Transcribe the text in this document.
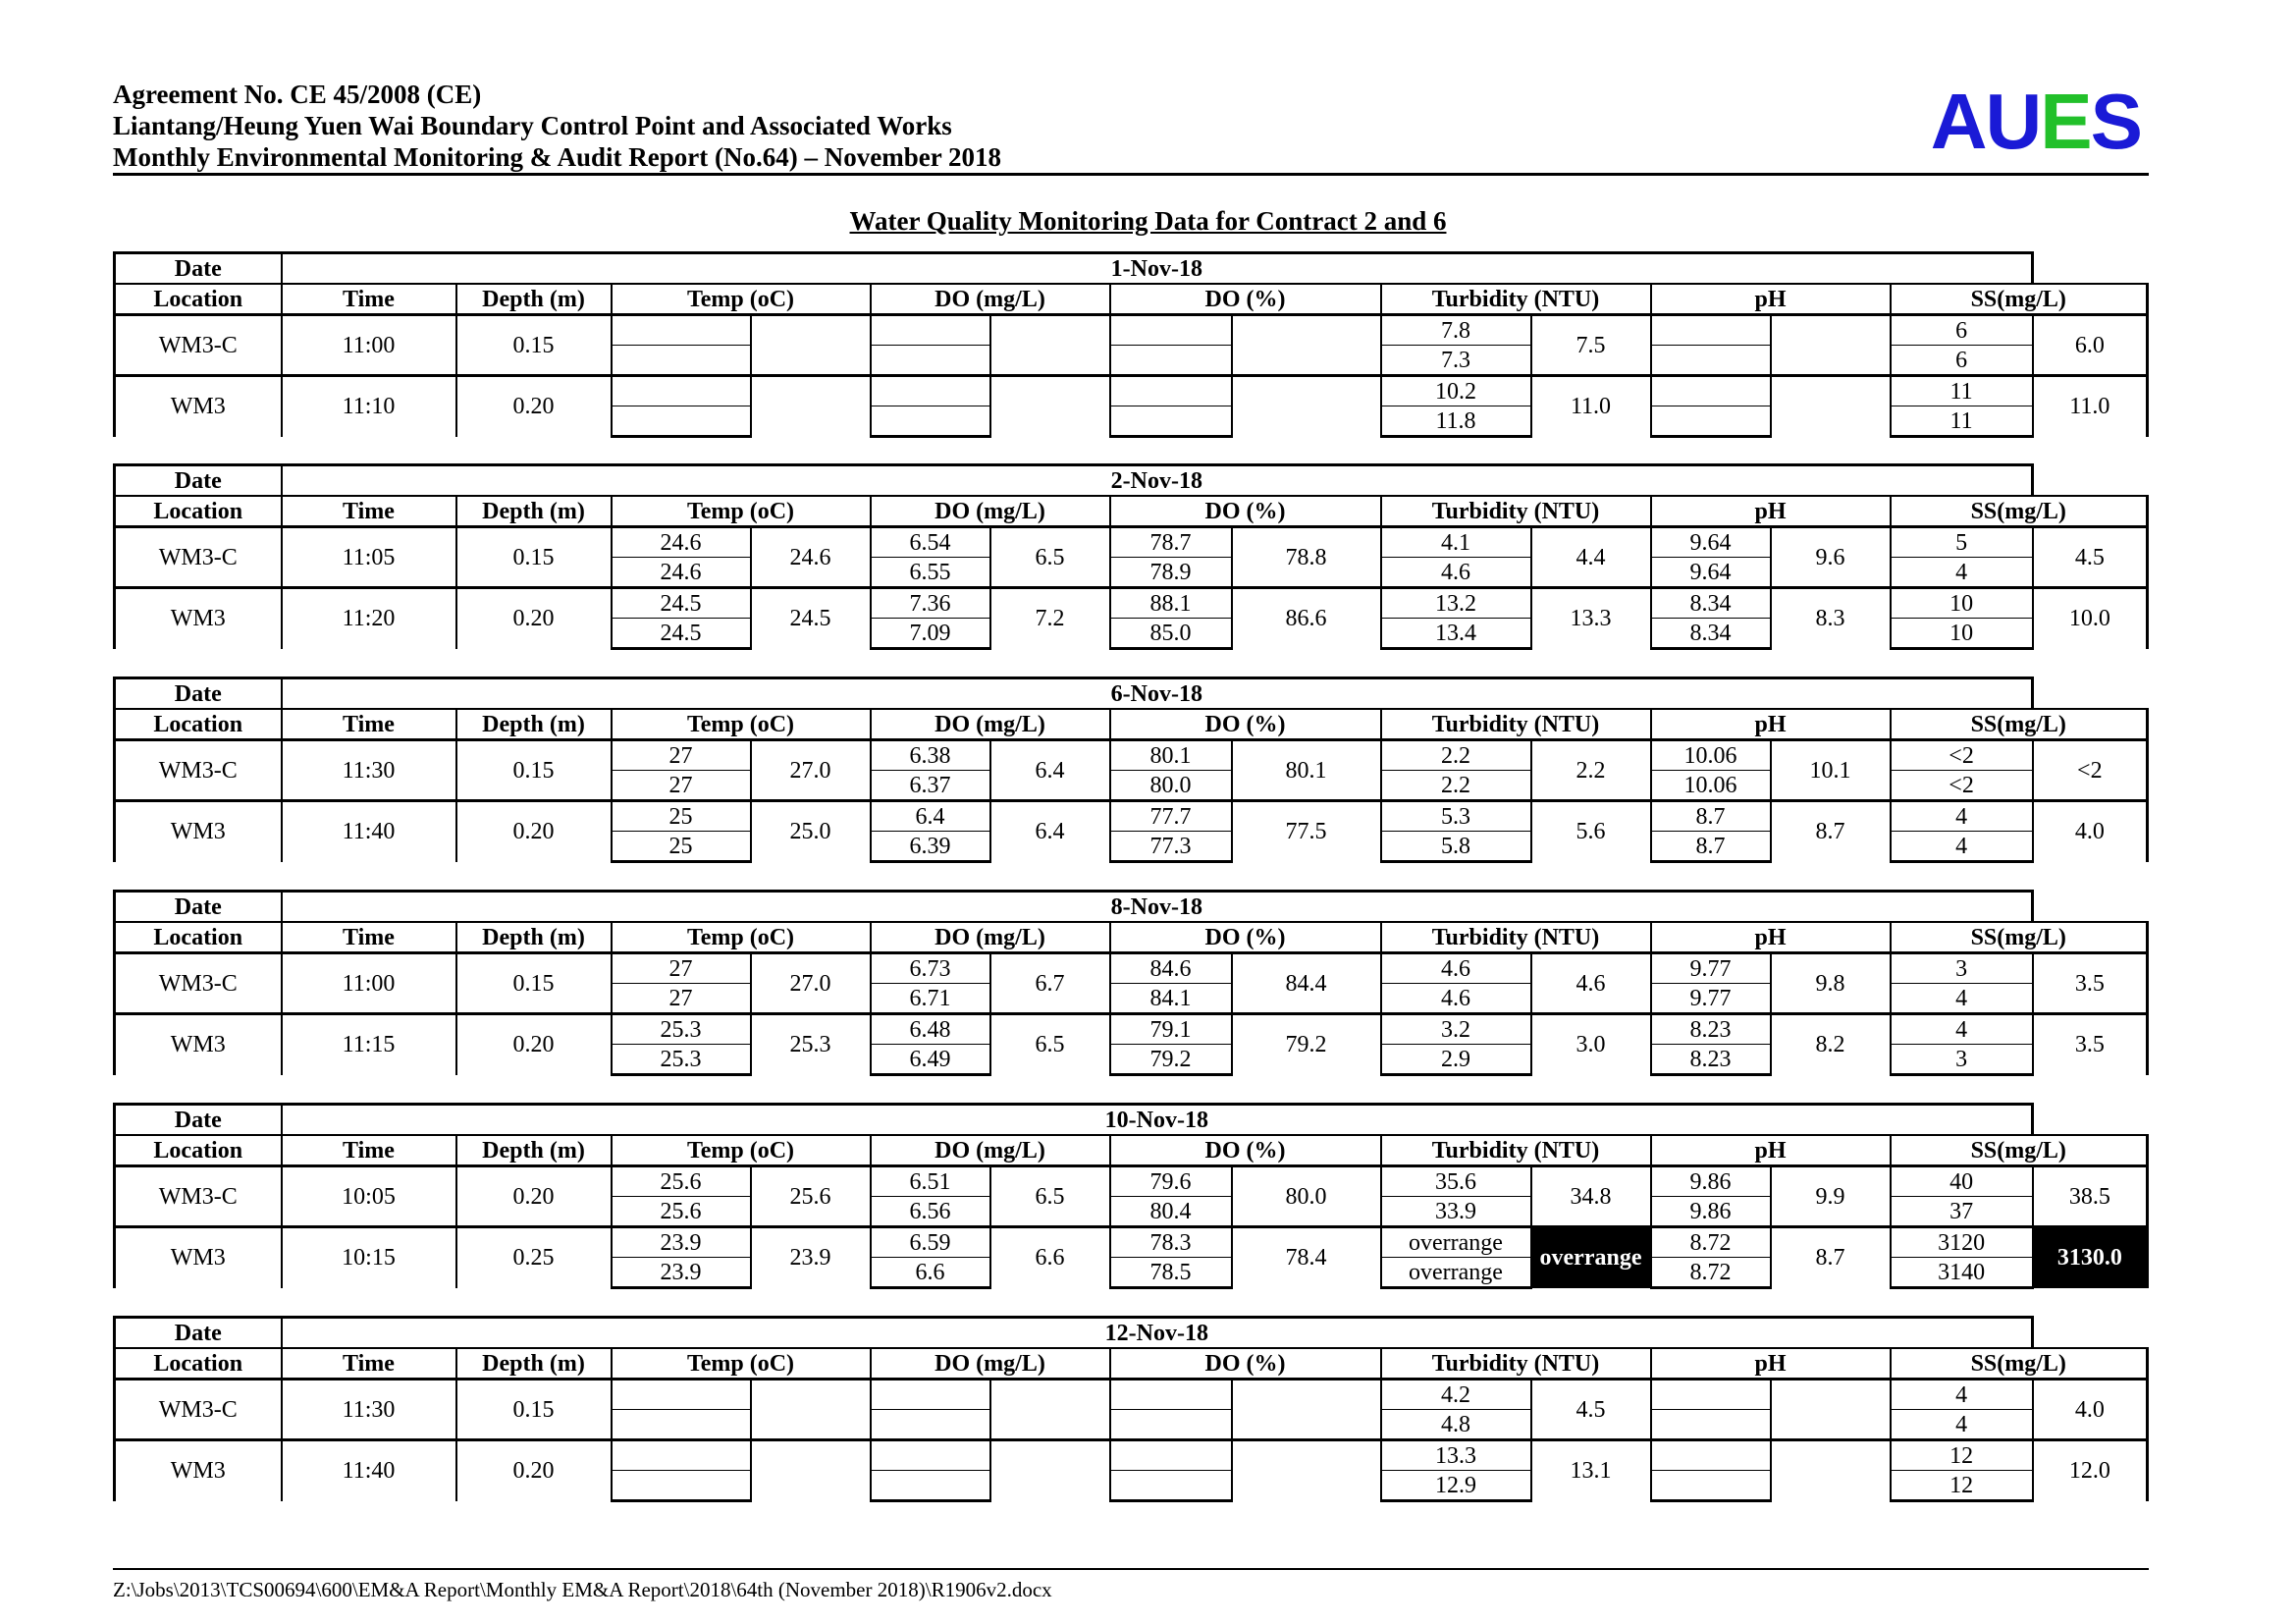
Agreement No. CE 45/2008 (CE)
Liantang/Heung Yuen Wai Boundary Control Point and Associated Works
Monthly Environmental Monitoring & Audit Report (No.64) – November 2018	AUES
Water Quality Monitoring Data for Contract 2 and 6
Date	1-Nov-18													
Location	Time	Depth (m)	Temp (oC)		DO (mg/L)		DO (%)		Turbidity (NTU)		pH		SS(mg/L)	
WM3-C	11:00	0.15							7.8	7.5			6	6.0
									7.3				6	
WM3	11:10	0.20							10.2	11.0			11	11.0
									11.8				11	
Date	2-Nov-18													
Location	Time	Depth (m)	Temp (oC)		DO (mg/L)		DO (%)		Turbidity (NTU)		pH		SS(mg/L)	
WM3-C	11:05	0.15	24.6	24.6	6.54	6.5	78.7	78.8	4.1	4.4	9.64	9.6	5	4.5
			24.6		6.55		78.9		4.6		9.64		4	
WM3	11:20	0.20	24.5	24.5	7.36	7.2	88.1	86.6	13.2	13.3	8.34	8.3	10	10.0
			24.5		7.09		85.0		13.4		8.34		10	
Date	6-Nov-18													
Location	Time	Depth (m)	Temp (oC)		DO (mg/L)		DO (%)		Turbidity (NTU)		pH		SS(mg/L)	
WM3-C	11:30	0.15	27	27.0	6.38	6.4	80.1	80.1	2.2	2.2	10.06	10.1	<2	<2
			27		6.37		80.0		2.2		10.06		<2	
WM3	11:40	0.20	25	25.0	6.4	6.4	77.7	77.5	5.3	5.6	8.7	8.7	4	4.0
			25		6.39		77.3		5.8		8.7		4	
Date	8-Nov-18													
Location	Time	Depth (m)	Temp (oC)		DO (mg/L)		DO (%)		Turbidity (NTU)		pH		SS(mg/L)	
WM3-C	11:00	0.15	27	27.0	6.73	6.7	84.6	84.4	4.6	4.6	9.77	9.8	3	3.5
			27		6.71		84.1		4.6		9.77		4	
WM3	11:15	0.20	25.3	25.3	6.48	6.5	79.1	79.2	3.2	3.0	8.23	8.2	4	3.5
			25.3		6.49		79.2		2.9		8.23		3	
Date	10-Nov-18													
Location	Time	Depth (m)	Temp (oC)		DO (mg/L)		DO (%)		Turbidity (NTU)		pH		SS(mg/L)	
WM3-C	10:05	0.20	25.6	25.6	6.51	6.5	79.6	80.0	35.6	34.8	9.86	9.9	40	38.5
			25.6		6.56		80.4		33.9		9.86		37	
WM3	10:15	0.25	23.9	23.9	6.59	6.6	78.3	78.4	overrange	overrange	8.72	8.7	3120	3130.0
			23.9		6.6		78.5		overrange		8.72		3140	
Date	12-Nov-18													
Location	Time	Depth (m)	Temp (oC)		DO (mg/L)		DO (%)		Turbidity (NTU)		pH		SS(mg/L)	
WM3-C	11:30	0.15							4.2	4.5			4	4.0
									4.8				4	
WM3	11:40	0.20							13.3	13.1			12	12.0
									12.9				12	
Z:\Jobs\2013\TCS00694\600\EM&A Report\Monthly EM&A Report\2018\64th (November 2018)\R1906v2.docx
